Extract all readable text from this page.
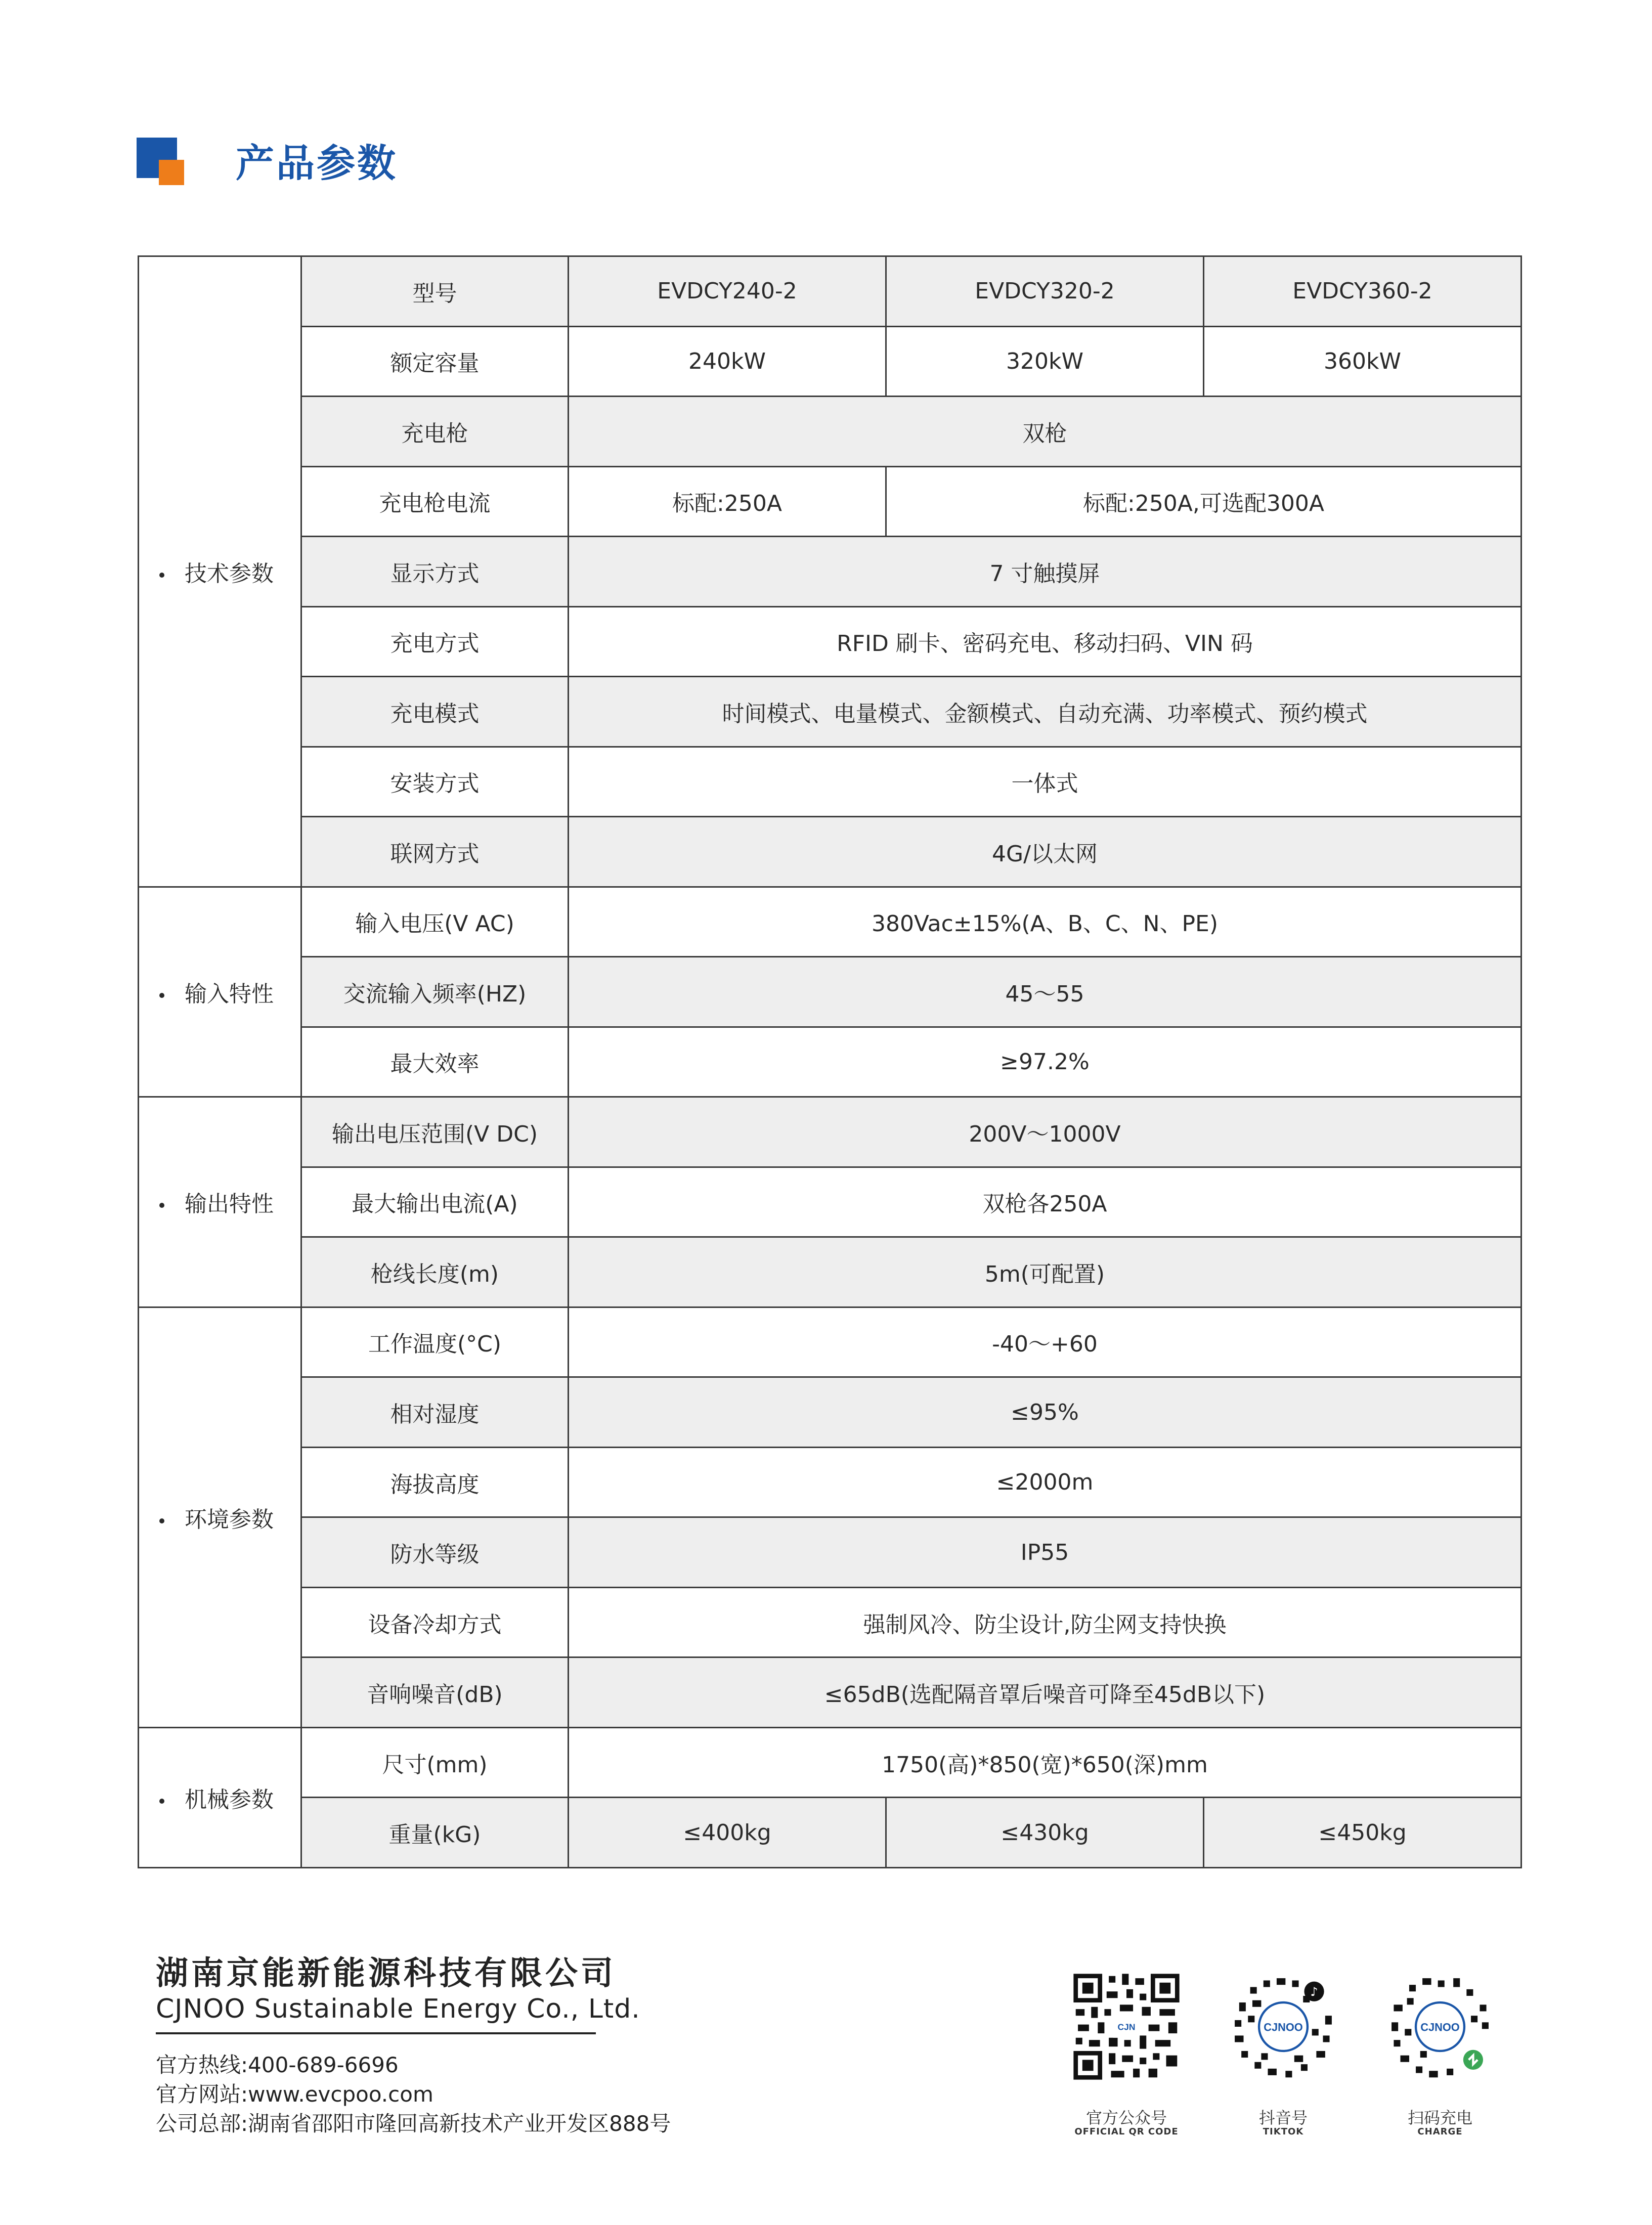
产品参数
技术参数	型号	EVDCY240-2	EVDCY320-2	EVDCY360-2
	额定容量	240kW	320kW	360kW
	充电枪	双枪		
	充电枪电流	标配:250A	标配:250A,可选配300A	
	显示方式	7 寸触摸屏		
	充电方式	RFID 刷卡、密码充电、移动扫码、VIN 码		
	充电模式	时间模式、电量模式、金额模式、自动充满、功率模式、预约模式		
	安装方式	一体式		
	联网方式	4G/以太网		
输入特性	输入电压(V AC)	380Vac±15%(A、B、C、N、PE)		
	交流输入频率(HZ)	45～55		
	最大效率	≥97.2%		
输出特性	输出电压范围(V DC)	200V～1000V		
	最大输出电流(A)	双枪各250A		
	枪线长度(m)	5m(可配置)		
环境参数	工作温度(°C)	-40～+60		
	相对湿度	≤95%		
	海拔高度	≤2000m		
	防水等级	IP55		
	设备冷却方式	强制风冷、防尘设计,防尘网支持快换		
	音响噪音(dB)	≤65dB(选配隔音罩后噪音可降至45dB以下)		
机械参数	尺寸(mm)	1750(高)*850(宽)*650(深)mm		
	重量(kG)	≤400kg	≤430kg	≤450kg
湖南京能新能源科技有限公司
CJNOO Sustainable Energy Co., Ltd.
官方热线:400-689-6696
官方网站:www.evcpoo.com
公司总部:湖南省邵阳市隆回高新技术产业开发区888号
CJN
官方公众号
OFFICIAL QR CODE
CJNOO
♪
抖音号
TIKTOK
CJNOO
扫码充电
CHARGE
